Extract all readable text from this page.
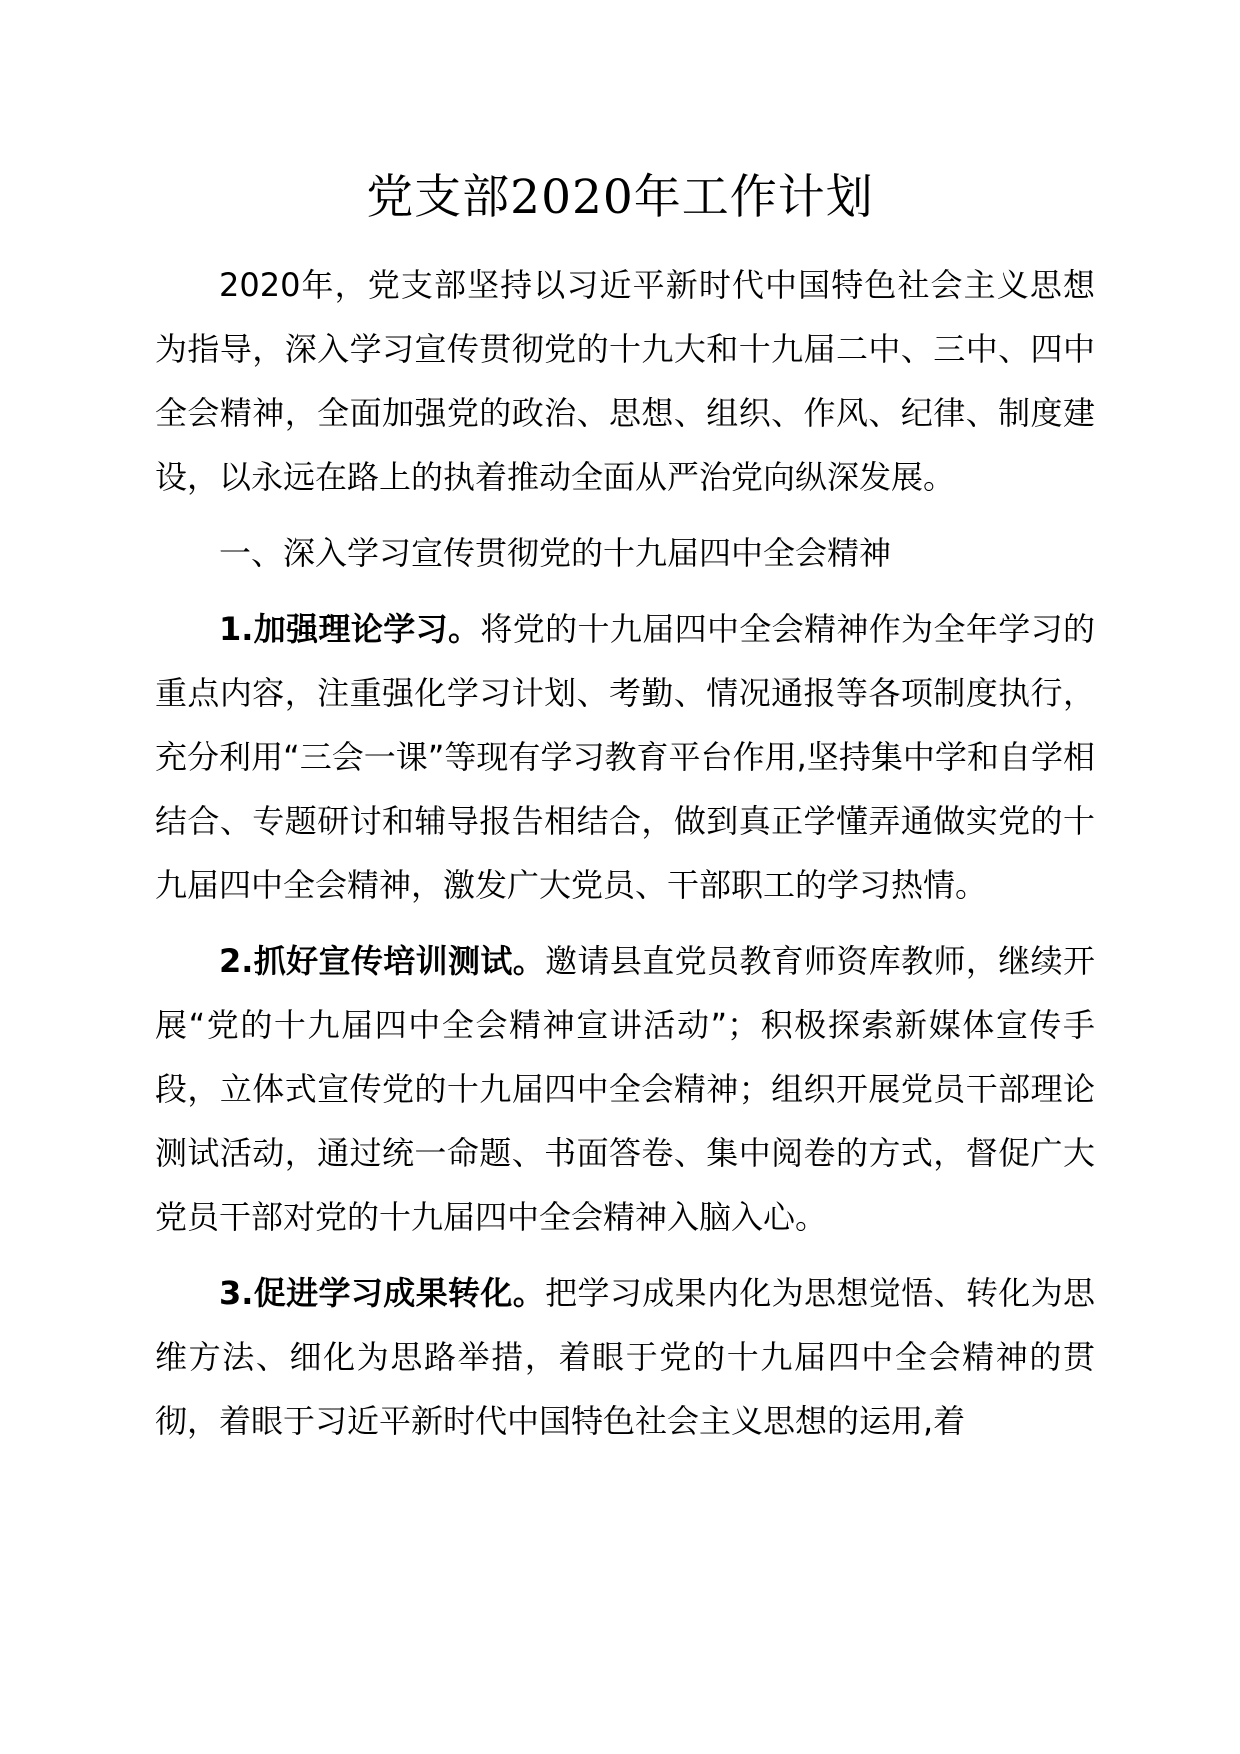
党支部2020年工作计划

2020年，党支部坚持以习近平新时代中国特色社会主义思想为指导，深入学习宣传贯彻党的十九大和十九届二中、三中、四中全会精神，全面加强党的政治、思想、组织、作风、纪律、制度建设，以永远在路上的执着推动全面从严治党向纵深发展。

一、深入学习宣传贯彻党的十九届四中全会精神

1.加强理论学习。将党的十九届四中全会精神作为全年学习的重点内容，注重强化学习计划、考勤、情况通报等各项制度执行，充分利用“三会一课”等现有学习教育平台作用,坚持集中学和自学相结合、专题研讨和辅导报告相结合，做到真正学懂弄通做实党的十九届四中全会精神，激发广大党员、干部职工的学习热情。

2.抓好宣传培训测试。邀请县直党员教育师资库教师，继续开展“党的十九届四中全会精神宣讲活动”；积极探索新媒体宣传手段，立体式宣传党的十九届四中全会精神；组织开展党员干部理论测试活动，通过统一命题、书面答卷、集中阅卷的方式，督促广大党员干部对党的十九届四中全会精神入脑入心。

3.促进学习成果转化。把学习成果内化为思想觉悟、转化为思维方法、细化为思路举措，着眼于党的十九届四中全会精神的贯彻，着眼于习近平新时代中国特色社会主义思想的运用,着
